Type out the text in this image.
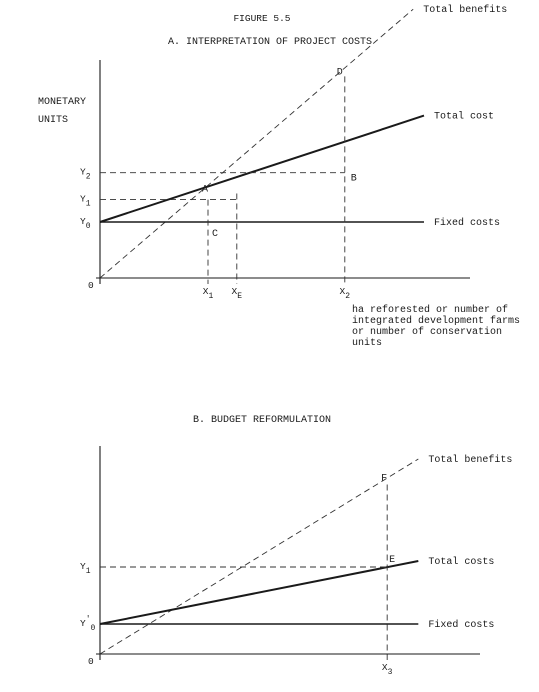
FIGURE 5.5
A. INTERPRETATION OF PROJECT COSTS
0
MONETARY
UNITS
ha reforested or number of
integrated development farms
or number of conservation
units
Total benefits
Total cost
Fixed costs
$Y_0$
$Y_1$
$Y_2$
$X_1$ $X_E$	$X_2$
A
C
B
D
B. BUDGET REFORMULATION
0
Total benefits
Total costs
Fixed costs
$Y'_0$
$Y_1$
$X_3$
E
F
